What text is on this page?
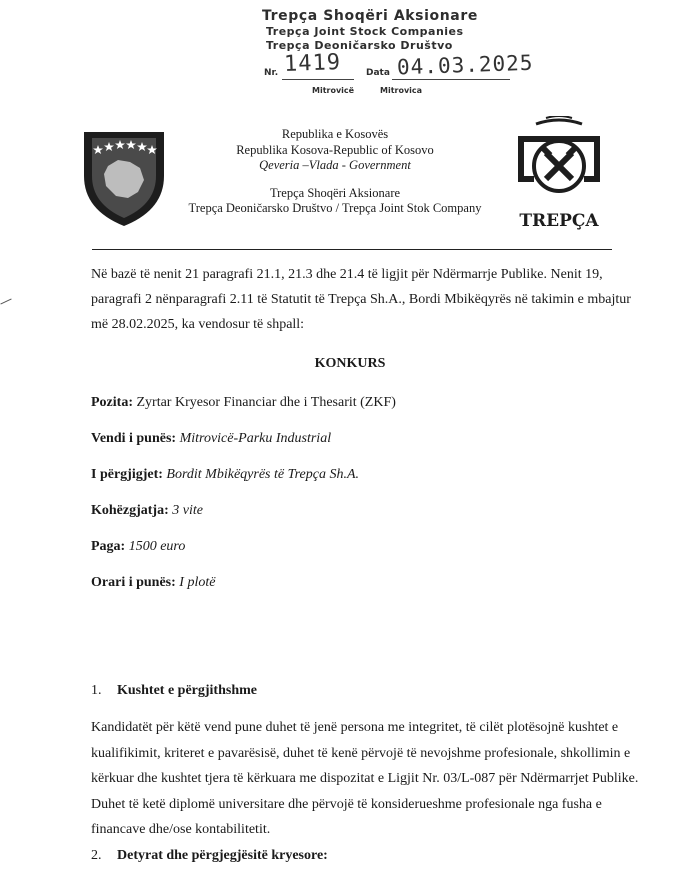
Trepça Shoqëri Aksionare
Trepça Joint Stock Companies
Trepça Deoničarsko Društvo
Nr. 1419	Data 04.03.2025
Mitrovicë	Mitrovica
Republika e Kosovës
Republika Kosova-Republic of Kosovo
Qeveria –Vlada - Government
Trepça Shoqëri Aksionare
Trepça Deoničarsko Društvo / Trepça Joint Stok Company
TREPÇA
Në bazë të nenit 21 paragrafi 21.1, 21.3 dhe 21.4 të ligjit për Ndërmarrje Publike. Nenit 19, paragrafi 2 nënparagrafi 2.11 të Statutit të Trepça Sh.A., Bordi Mbikëqyrës në takimin e mbajtur më 28.02.2025, ka vendosur të shpall:
KONKURS
Pozita: Zyrtar Kryesor Financiar dhe i Thesarit (ZKF)
Vendi i punës: Mitrovicë-Parku Industrial
I përgjigjet: Bordit Mbikëqyrës të Trepça Sh.A.
Kohëzgjatja: 3 vite
Paga: 1500 euro
Orari i punës: I plotë
1. Kushtet e përgjithshme
Kandidatët për këtë vend pune duhet të jenë persona me integritet, të cilët plotësojnë kushtet e kualifikimit, kriteret e pavarësisë, duhet të kenë përvojë të nevojshme profesionale, shkollimin e kërkuar dhe kushtet tjera të kërkuara me dispozitat e Ligjit Nr. 03/L-087 për Ndërmarrjet Publike. Duhet të ketë diplomë universitare dhe përvojë të konsiderueshme profesionale nga fusha e financave dhe/ose kontabilitetit.
2. Detyrat dhe përgjegjësitë kryesore:
